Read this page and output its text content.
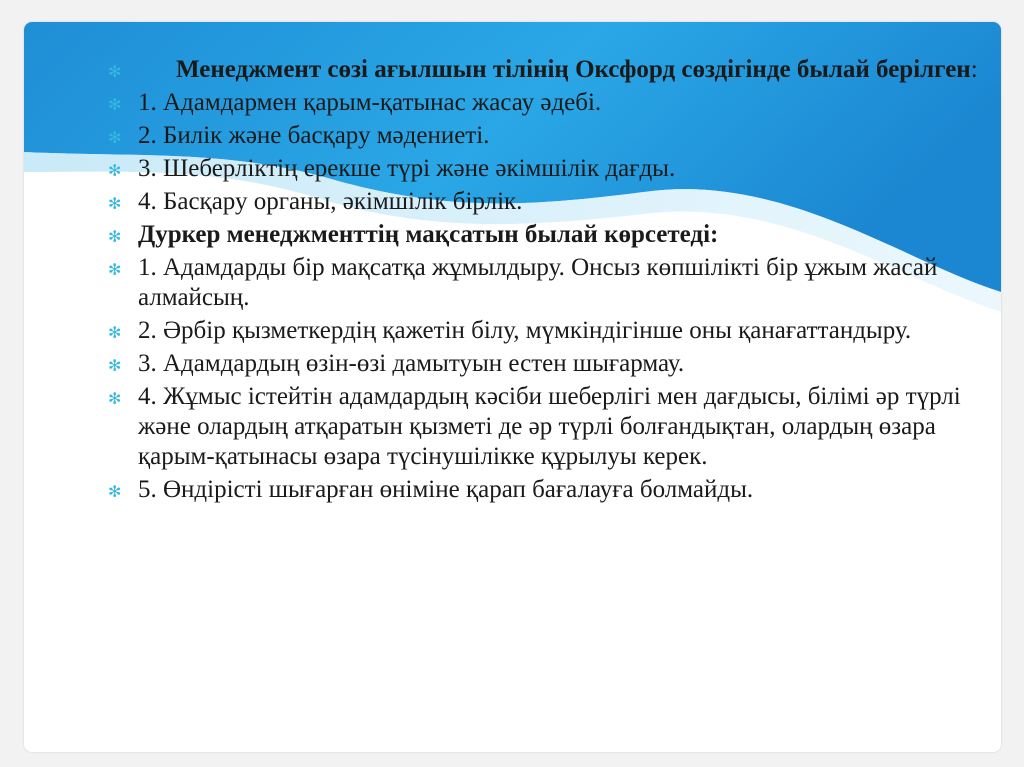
✻ Менеджмент сөзі ағылшын тілінің Оксфорд сөздігінде былай берілген:
✻ 1. Адамдармен қарым-қатынас жасау әдебі.
✻ 2. Билік және басқару мәдениеті.
✻ 3. Шеберліктің ерекше түрі және әкімшілік дағды.
✻ 4. Басқару органы, әкімшілік бірлік.
✻ Дуркер менеджменттің мақсатын былай көрсетеді:
✻ 1. Адамдарды бір мақсатқа жұмылдыру. Онсыз көпшілікті бір ұжым жасай алмайсың.
✻ 2. Әрбір қызметкердің қажетін білу, мүмкіндігінше оны қанағаттандыру.
✻ 3. Адамдардың өзін-өзі дамытуын естен шығармау.
✻ 4. Жұмыс істейтін адамдардың кәсіби шеберлігі мен дағдысы, білімі әр түрлі және олардың атқаратын қызметі де әр түрлі болғандықтан, олардың өзара қарым-қатынасы өзара түсінушілікке құрылуы керек.
✻ 5. Өндірісті шығарған өніміне қарап бағалауға болмайды.
